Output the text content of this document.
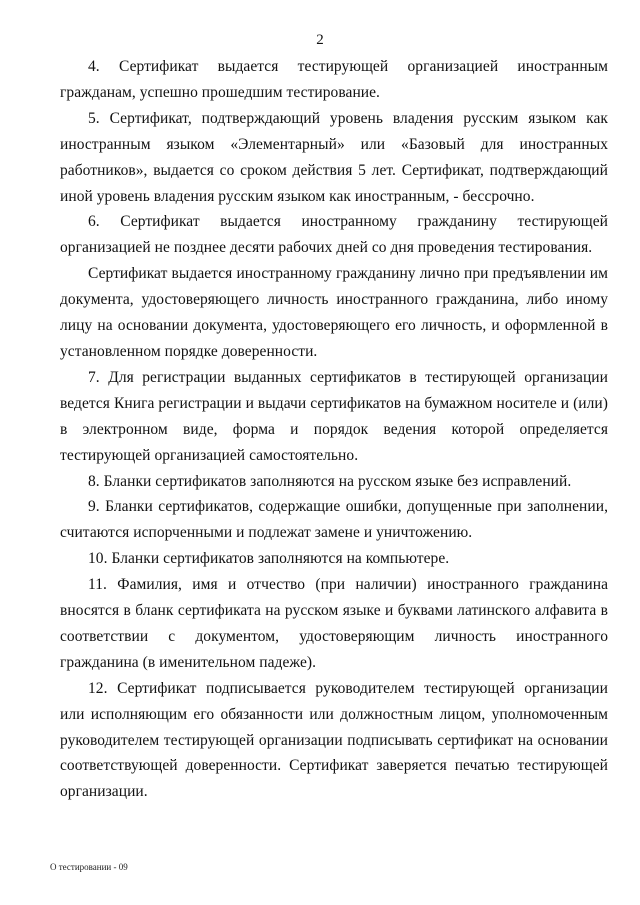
2

4. Сертификат выдается тестирующей организацией иностранным гражданам, успешно прошедшим тестирование.

5. Сертификат, подтверждающий уровень владения русским языком как иностранным языком «Элементарный» или «Базовый для иностранных работников», выдается со сроком действия 5 лет. Сертификат, подтверждающий иной уровень владения русским языком как иностранным, - бессрочно.

6. Сертификат выдается иностранному гражданину тестирующей организацией не позднее десяти рабочих дней со дня проведения тестирования.

Сертификат выдается иностранному гражданину лично при предъявлении им документа, удостоверяющего личность иностранного гражданина, либо иному лицу на основании документа, удостоверяющего его личность, и оформленной в установленном порядке доверенности.

7. Для регистрации выданных сертификатов в тестирующей организации ведется Книга регистрации и выдачи сертификатов на бумажном носителе и (или) в электронном виде, форма и порядок ведения которой определяется тестирующей организацией самостоятельно.

8. Бланки сертификатов заполняются на русском языке без исправлений.

9. Бланки сертификатов, содержащие ошибки, допущенные при заполнении, считаются испорченными и подлежат замене и уничтожению.

10. Бланки сертификатов заполняются на компьютере.

11. Фамилия, имя и отчество (при наличии) иностранного гражданина вносятся в бланк сертификата на русском языке и буквами латинского алфавита в соответствии с документом, удостоверяющим личность иностранного гражданина (в именительном падеже).

12. Сертификат подписывается руководителем тестирующей организации или исполняющим его обязанности или должностным лицом, уполномоченным руководителем тестирующей организации подписывать сертификат на основании соответствующей доверенности. Сертификат заверяется печатью тестирующей организации.

О тестировании - 09
